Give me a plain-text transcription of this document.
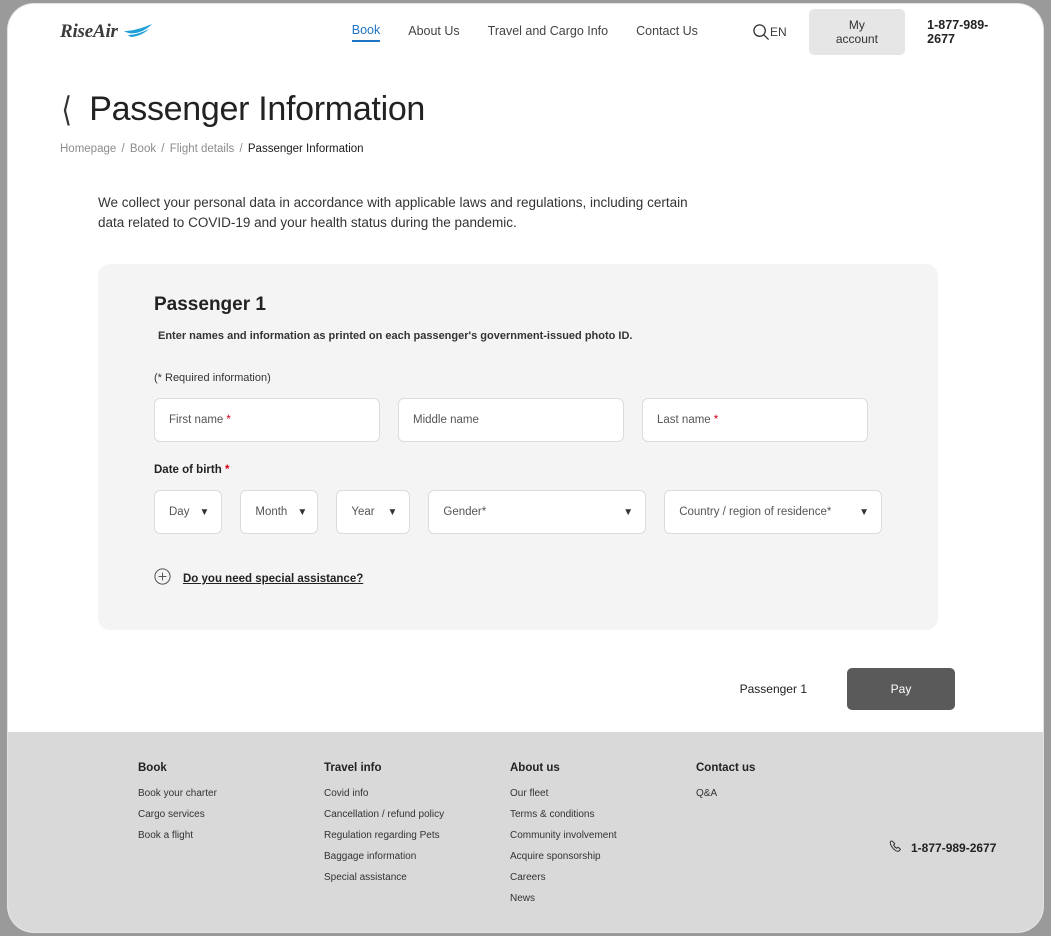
RiseAir	Book About Us Travel and Cargo Info Contact Us	EN	My account
1-877-989-2677
⟨ Passenger Information
Homepage / Book / Flight details / Passenger Information
We collect your personal data in accordance with applicable laws and regulations, including certain data related to COVID-19 and your health status during the pandemic.
Passenger 1
Enter names and information as printed on each passenger's government-issued photo ID.
(* Required information)
First name *	Middle name	Last name *
Date of birth *
Day ▼	Month ▼	Year ▼	Gender*	▼	Country / region of residence*	▼
Do you need special assistance?
Passenger 1	Pay
Book
Book your charter
Cargo services
Book a flight
Travel info
Covid info
Cancellation / refund policy
Regulation regarding Pets
Baggage information
Special assistance
About us
Our fleet
Terms & conditions
Community involvement
Acquire sponsorship
Careers
News
Contact us
Q&A
1-877-989-2677
